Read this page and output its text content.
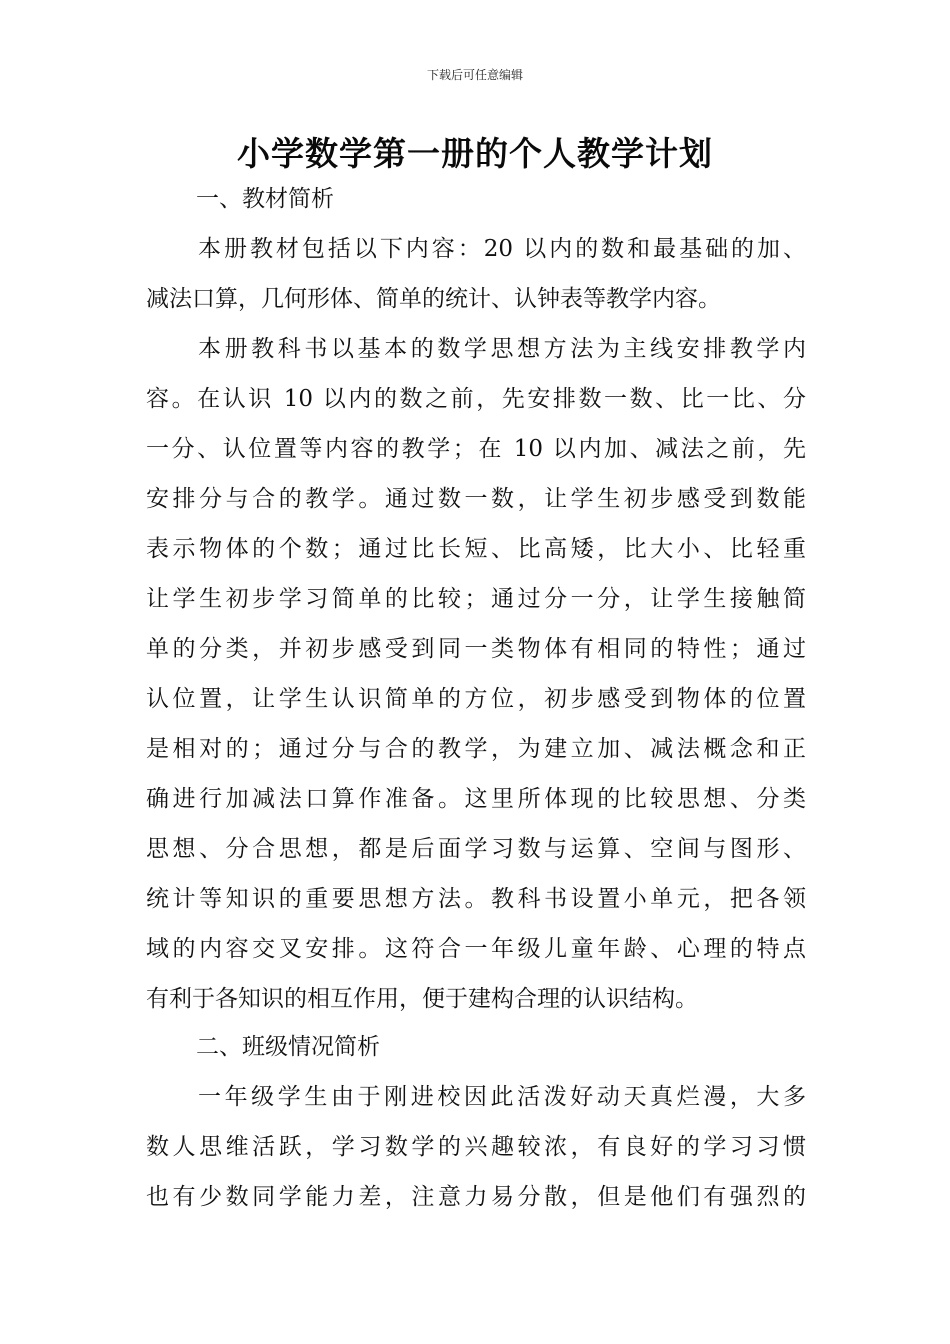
下载后可任意编辑
小学数学第一册的个人教学计划
一、教材简析
本册教材包括以下内容：20 以内的数和最基础的加、
减法口算，几何形体、简单的统计、认钟表等教学内容。
本册教科书以基本的数学思想方法为主线安排教学内
容。在认识 10 以内的数之前，先安排数一数、比一比、分
一分、认位置等内容的教学；在 10 以内加、减法之前，先
安排分与合的教学。通过数一数，让学生初步感受到数能
表示物体的个数；通过比长短、比高矮，比大小、比轻重
让学生初步学习简单的比较；通过分一分，让学生接触简
单的分类，并初步感受到同一类物体有相同的特性；通过
认位置，让学生认识简单的方位，初步感受到物体的位置
是相对的；通过分与合的教学，为建立加、减法概念和正
确进行加减法口算作准备。这里所体现的比较思想、分类
思想、分合思想，都是后面学习数与运算、空间与图形、
统计等知识的重要思想方法。教科书设置小单元，把各领
域的内容交叉安排。这符合一年级儿童年龄、心理的特点
有利于各知识的相互作用，便于建构合理的认识结构。
二、班级情况简析
一年级学生由于刚进校因此活泼好动天真烂漫，大多
数人思维活跃，学习数学的兴趣较浓，有良好的学习习惯
也有少数同学能力差，注意力易分散，但是他们有强烈的
